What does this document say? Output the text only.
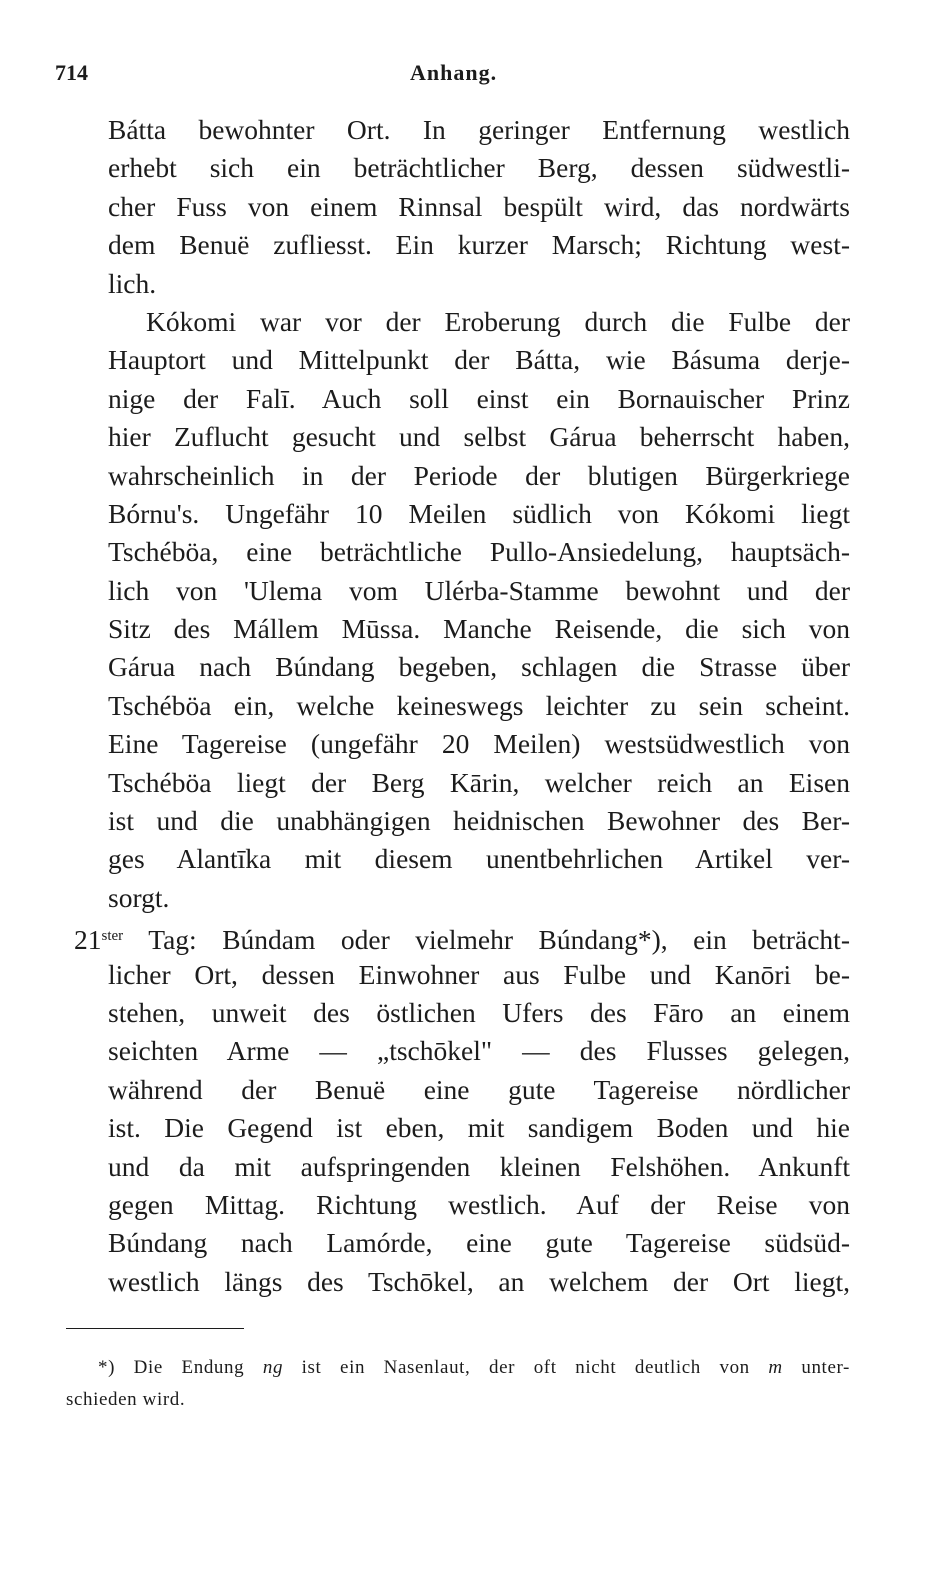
714	Anhang.
Bátta bewohnter Ort. In geringer Entfernung westlich
erhebt sich ein beträchtlicher Berg, dessen südwestli-
cher Fuss von einem Rinnsal bespült wird, das nordwärts
dem Benuë zufliesst. Ein kurzer Marsch; Richtung west-
lich.
Kókomi war vor der Eroberung durch die Fulbe der
Hauptort und Mittelpunkt der Bátta, wie Básuma derje-
nige der Falī. Auch soll einst ein Bornauischer Prinz
hier Zuflucht gesucht und selbst Gárua beherrscht haben,
wahrscheinlich in der Periode der blutigen Bürgerkriege
Bórnu's. Ungefähr 10 Meilen südlich von Kókomi liegt
Tschéböa, eine beträchtliche Pullo-Ansiedelung, hauptsäch-
lich von 'Ulema vom Ulérba-Stamme bewohnt und der
Sitz des Mállem Mūssa. Manche Reisende, die sich von
Gárua nach Búndang begeben, schlagen die Strasse über
Tschéböa ein, welche keineswegs leichter zu sein scheint.
Eine Tagereise (ungefähr 20 Meilen) westsüdwestlich von
Tschéböa liegt der Berg Kārin, welcher reich an Eisen
ist und die unabhängigen heidnischen Bewohner des Ber-
ges Alantīka mit diesem unentbehrlichen Artikel ver-
sorgt.
$21^{ster}$ Tag: Búndam oder vielmehr Búndang*), ein beträcht-
licher Ort, dessen Einwohner aus Fulbe und Kanōri be-
stehen, unweit des östlichen Ufers des Fāro an einem
seichten Arme — „tschōkel" — des Flusses gelegen,
während der Benuë eine gute Tagereise nördlicher
ist. Die Gegend ist eben, mit sandigem Boden und hie
und da mit aufspringenden kleinen Felshöhen. Ankunft
gegen Mittag. Richtung westlich. Auf der Reise von
Búndang nach Lamórde, eine gute Tagereise südsüd-
westlich längs des Tschōkel, an welchem der Ort liegt,
*) Die Endung ng ist ein Nasenlaut, der oft nicht deutlich von m unter-
schieden wird.
